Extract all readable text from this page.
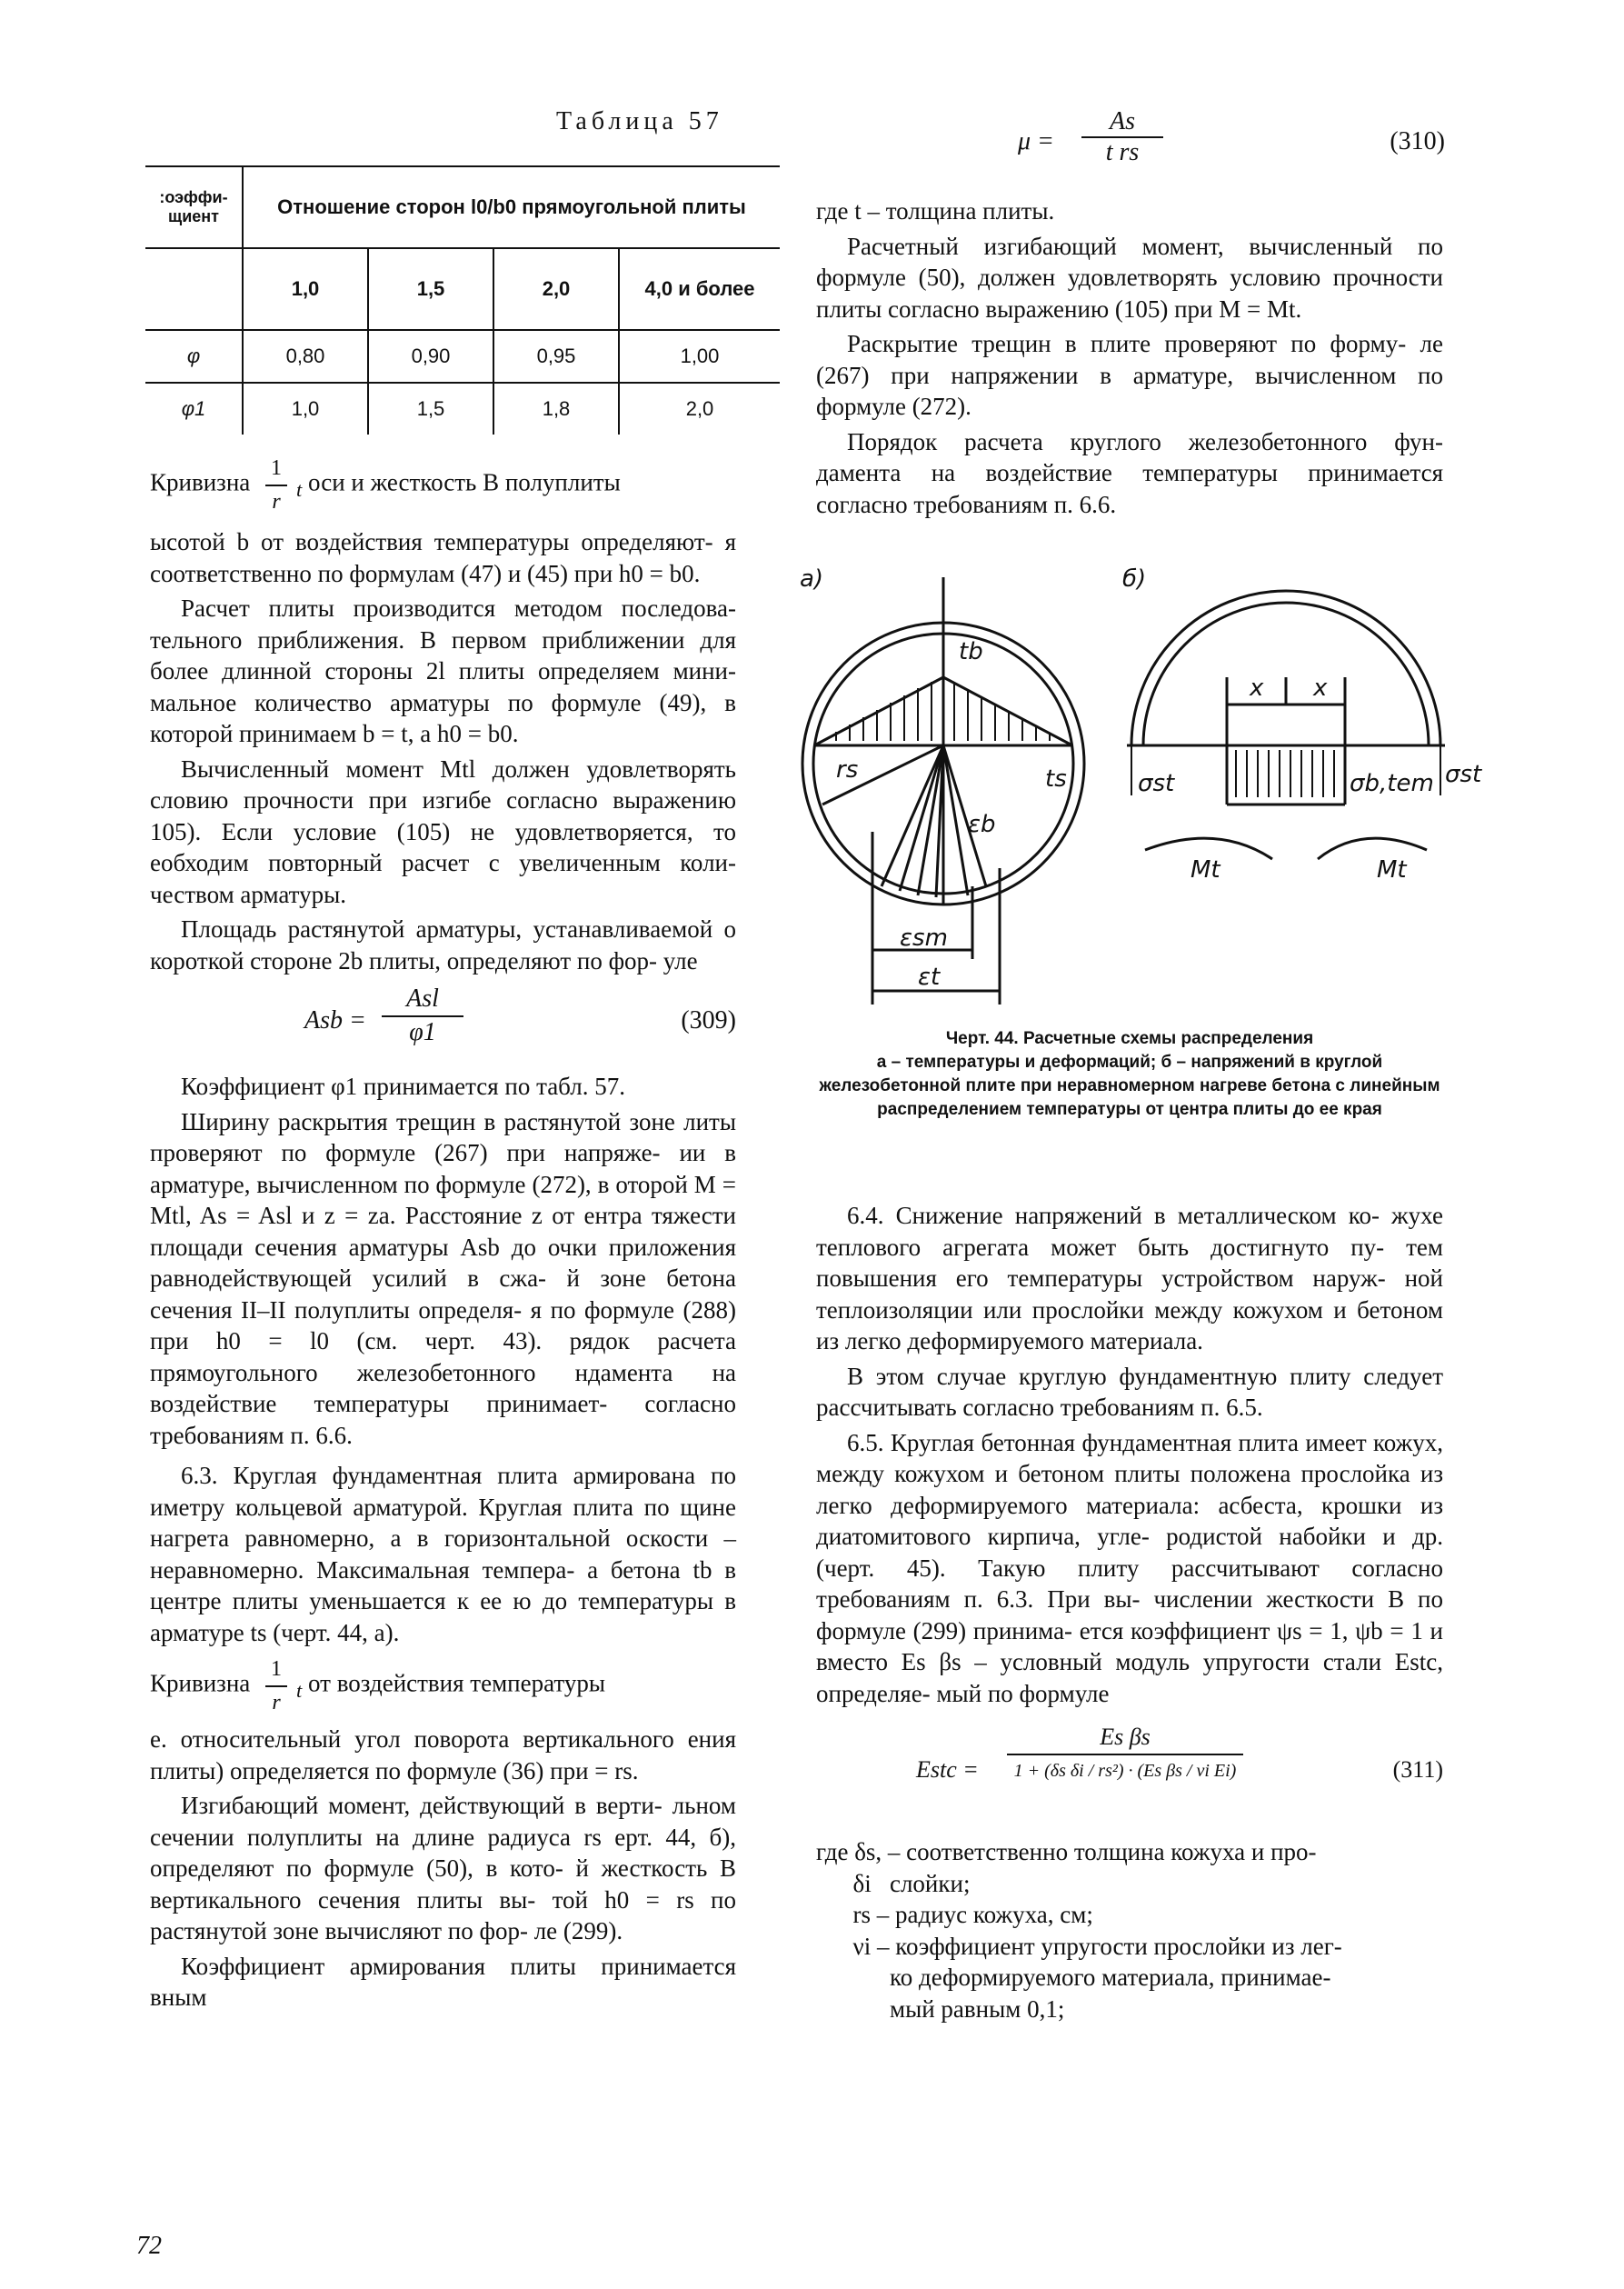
Таблица 57
:оэффи-
щиент	Отношение сторон l0/b0 прямоугольной плиты			
	1,0	1,5	2,0	4,0 и более
φ	0,80	0,90	0,95	1,00
φ1	1,0	1,5	1,8	2,0

Кривизна $\frac{1}{r} _t$ оси и жесткость B полуплиты

ысотой b от воздействия температуры определяют- я соответственно по формулам (47) и (45) при h0 = b0.

Расчет плиты производится методом последова- тельного приближения. В первом приближении для более длинной стороны 2l плиты определяем мини- мальное количество арматуры по формуле (49), в которой принимаем b = t, а h0 = b0.

Вычисленный момент Mtl должен удовлетворять словию прочности при изгибе согласно выражению 105). Если условие (105) не удовлетворяется, то еобходим повторный расчет с увеличенным коли- чеством арматуры.

Площадь растянутой арматуры, устанавливаемой о короткой стороне 2b плиты, определяют по фор- уле

Asb =
Asl
φ1	(309)

Коэффициент φ1 принимается по табл. 57.

Ширину раскрытия трещин в растянутой зоне литы проверяют по формуле (267) при напряже- ии в арматуре, вычисленном по формуле (272), в оторой M = Mtl, As = Asl и z = za. Расстояние z от ентра тяжести площади сечения арматуры Asb до очки приложения равнодействующей усилий в сжа- й зоне бетона сечения II–II полуплиты определя- я по формуле (288) при h0 = l0 (см. черт. 43). рядок расчета прямоугольного железобетонного ндамента на воздействие температуры принимает- согласно требованиям п. 6.6.

6.3. Круглая фундаментная плита армирована по иметру кольцевой арматурой. Круглая плита по щине нагрета равномерно, а в горизонтальной оскости – неравномерно. Максимальная темпера- а бетона tb в центре плиты уменьшается к ее ю до температуры в арматуре ts (черт. 44, а).

Кривизна $\frac{1}{r} _t$ от воздействия температуры

е. относительный угол поворота вертикального ения плиты) определяется по формуле (36) при = rs.

Изгибающий момент, действующий в верти- льном сечении полуплиты на длине радиуса rs ерт. 44, б), определяют по формуле (50), в кото- й жесткость B вертикального сечения плиты вы- той h0 = rs по растянутой зоне вычисляют по фор- ле (299).

Коэффициент армирования плиты принимается вным

$\mu = \frac{As}{\text{t rs}}$	(310)

где t – толщина плиты.

Расчетный изгибающий момент, вычисленный по формуле (50), должен удовлетворять условию прочности плиты согласно выражению (105) при M = Mt.

Раскрытие трещин в плите проверяют по форму- ле (267) при напряжении в арматуре, вычисленном по формуле (272).

Порядок расчета круглого железобетонного фун- дамента на воздействие температуры принимается согласно требованиям п. 6.6.

а)	б)
tb
ts
rs
εb
εsm
εt
x x
σst	σb,tem σst
Mt	Mt
Черт. 44. Расчетные схемы распределения
а – температуры и деформаций; б – напряжений в круглой железобетонной плите при неравномерном нагреве бетона с линейным распределением температуры от центра плиты до ее края

6.4. Снижение напряжений в металлическом ко- жухе теплового агрегата может быть достигнуто пу- тем повышения его температуры устройством наруж- ной теплоизоляции или прослойки между кожухом и бетоном из легко деформируемого материала.

В этом случае круглую фундаментную плиту следует рассчитывать согласно требованиям п. 6.5.

6.5. Круглая бетонная фундаментная плита имеет кожух, между кожухом и бетоном плиты положена прослойка из легко деформируемого материала: асбеста, крошки из диатомитового кирпича, угле- родистой набойки и др. (черт. 45). Такую плиту рассчитывают согласно требованиям п. 6.3. При вы- числении жесткости B по формуле (299) принима- ется коэффициент ψs = 1, ψb = 1 и вместо Es βs – условный модуль упругости стали Estc, определяе- мый по формуле

Estc =
Es βs
1 + (δs δi / rs²) · (Es βs / νi Ei)	(311)
где δs, – соответственно толщина кожуха и про-
δi   слойки;
rs – радиус кожуха, см;
νi – коэффициент упругости прослойки из лег-
ко деформируемого материала, принимае-
мый равным 0,1;
72
